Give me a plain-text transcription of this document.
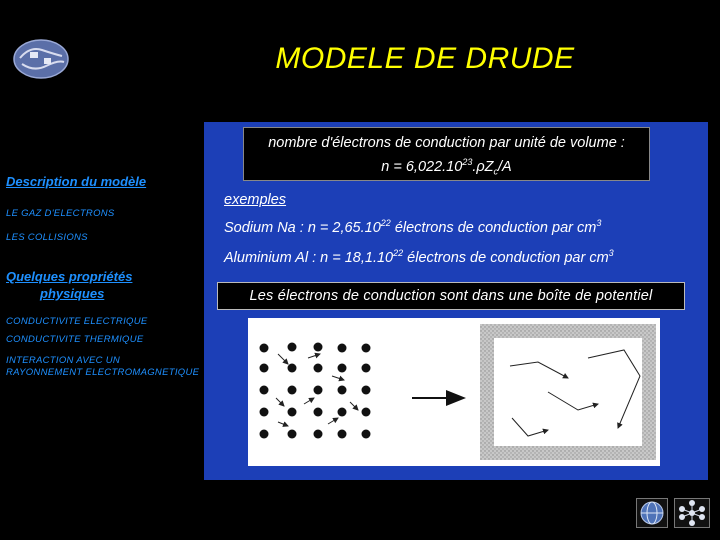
MODELE DE DRUDE
Description du modèle
LE GAZ D'ELECTRONS
LES COLLISIONS
Quelques propriétés
physiques
CONDUCTIVITE ELECTRIQUE
CONDUCTIVITE THERMIQUE
INTERACTION AVEC UN
RAYONNEMENT ELECTROMAGNETIQUE
nombre d'électrons de conduction par unité de volume :
$n = 6,022.10^{23}.\rho Z_c/A$
exemples
Sodium Na : $n = 2,65.10^{22}$ électrons de conduction par $cm^3$
Aluminium Al : $n = 18,1.10^{22}$ électrons de conduction par $cm^3$
Les électrons de conduction sont dans une boîte de potentiel
